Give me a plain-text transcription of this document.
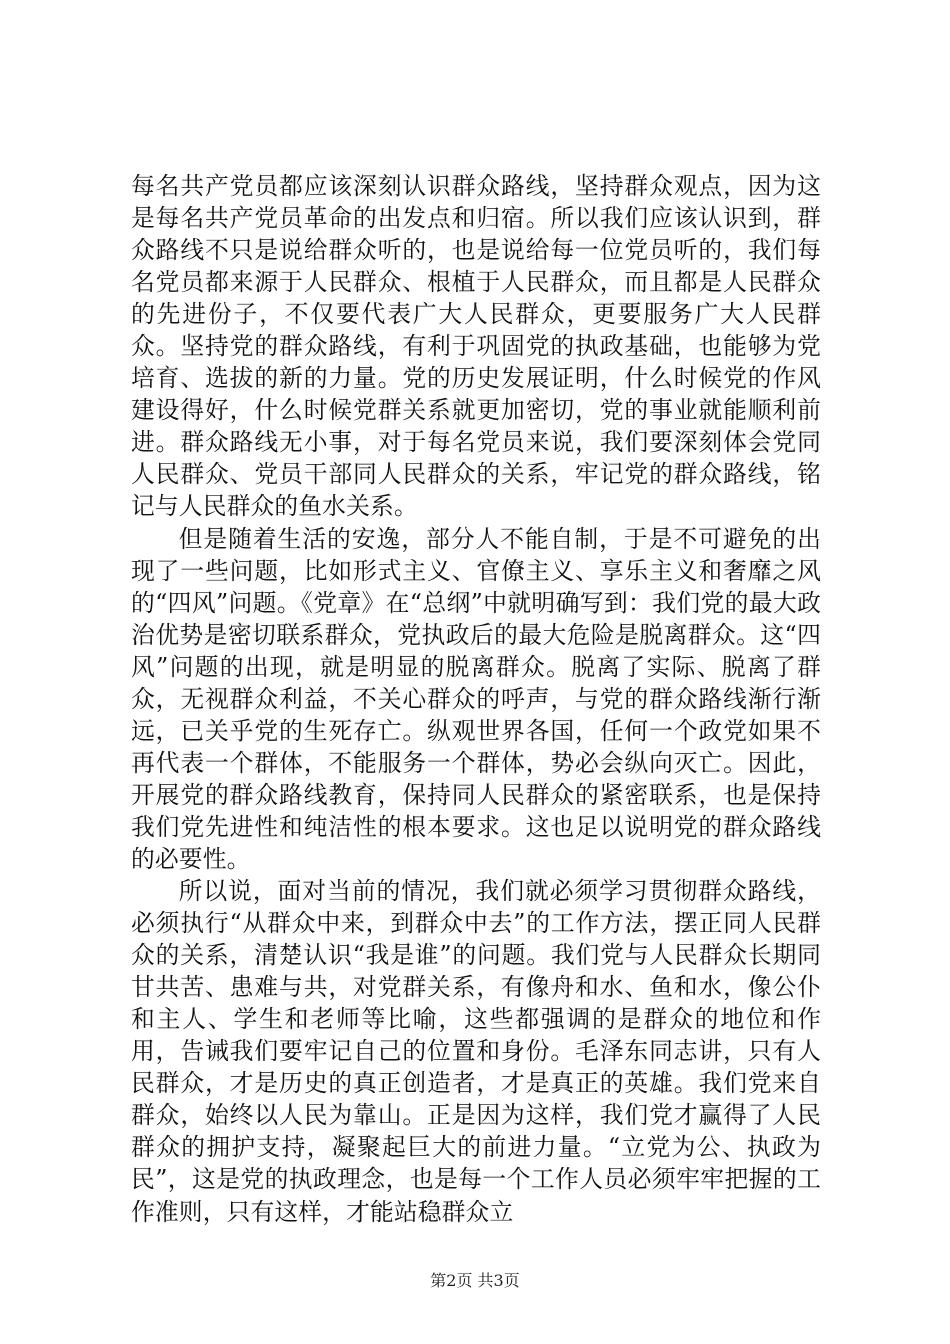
每名共产党员都应该深刻认识群众路线，坚持群众观点，因为这是每名共产党员革命的出发点和归宿。所以我们应该认识到，群众路线不只是说给群众听的，也是说给每一位党员听的，我们每名党员都来源于人民群众、根植于人民群众，而且都是人民群众的先进份子，不仅要代表广大人民群众，更要服务广大人民群众。坚持党的群众路线，有利于巩固党的执政基础，也能够为党培育、选拔的新的力量。党的历史发展证明，什么时候党的作风建设得好，什么时候党群关系就更加密切，党的事业就能顺利前进。群众路线无小事，对于每名党员来说，我们要深刻体会党同人民群众、党员干部同人民群众的关系，牢记党的群众路线，铭记与人民群众的鱼水关系。

但是随着生活的安逸，部分人不能自制，于是不可避免的出现了一些问题，比如形式主义、官僚主义、享乐主义和奢靡之风的“四风”问题。《党章》在“总纲”中就明确写到：我们党的最大政治优势是密切联系群众，党执政后的最大危险是脱离群众。这“四风”问题的出现，就是明显的脱离群众。脱离了实际、脱离了群众，无视群众利益，不关心群众的呼声，与党的群众路线渐行渐远，已关乎党的生死存亡。纵观世界各国，任何一个政党如果不再代表一个群体，不能服务一个群体，势必会纵向灭亡。因此，开展党的群众路线教育，保持同人民群众的紧密联系，也是保持我们党先进性和纯洁性的根本要求。这也足以说明党的群众路线的必要性。

所以说，面对当前的情况，我们就必须学习贯彻群众路线，必须执行“从群众中来，到群众中去”的工作方法，摆正同人民群众的关系，清楚认识“我是谁”的问题。我们党与人民群众长期同甘共苦、患难与共，对党群关系，有像舟和水、鱼和水，像公仆和主人、学生和老师等比喻，这些都强调的是群众的地位和作用，告诫我们要牢记自己的位置和身份。毛泽东同志讲，只有人民群众，才是历史的真正创造者，才是真正的英雄。我们党来自群众，始终以人民为靠山。正是因为这样，我们党才赢得了人民群众的拥护支持，凝聚起巨大的前进力量。“立党为公、执政为民”，这是党的执政理念，也是每一个工作人员必须牢牢把握的工作准则，只有这样，才能站稳群众立

第2页 共3页
